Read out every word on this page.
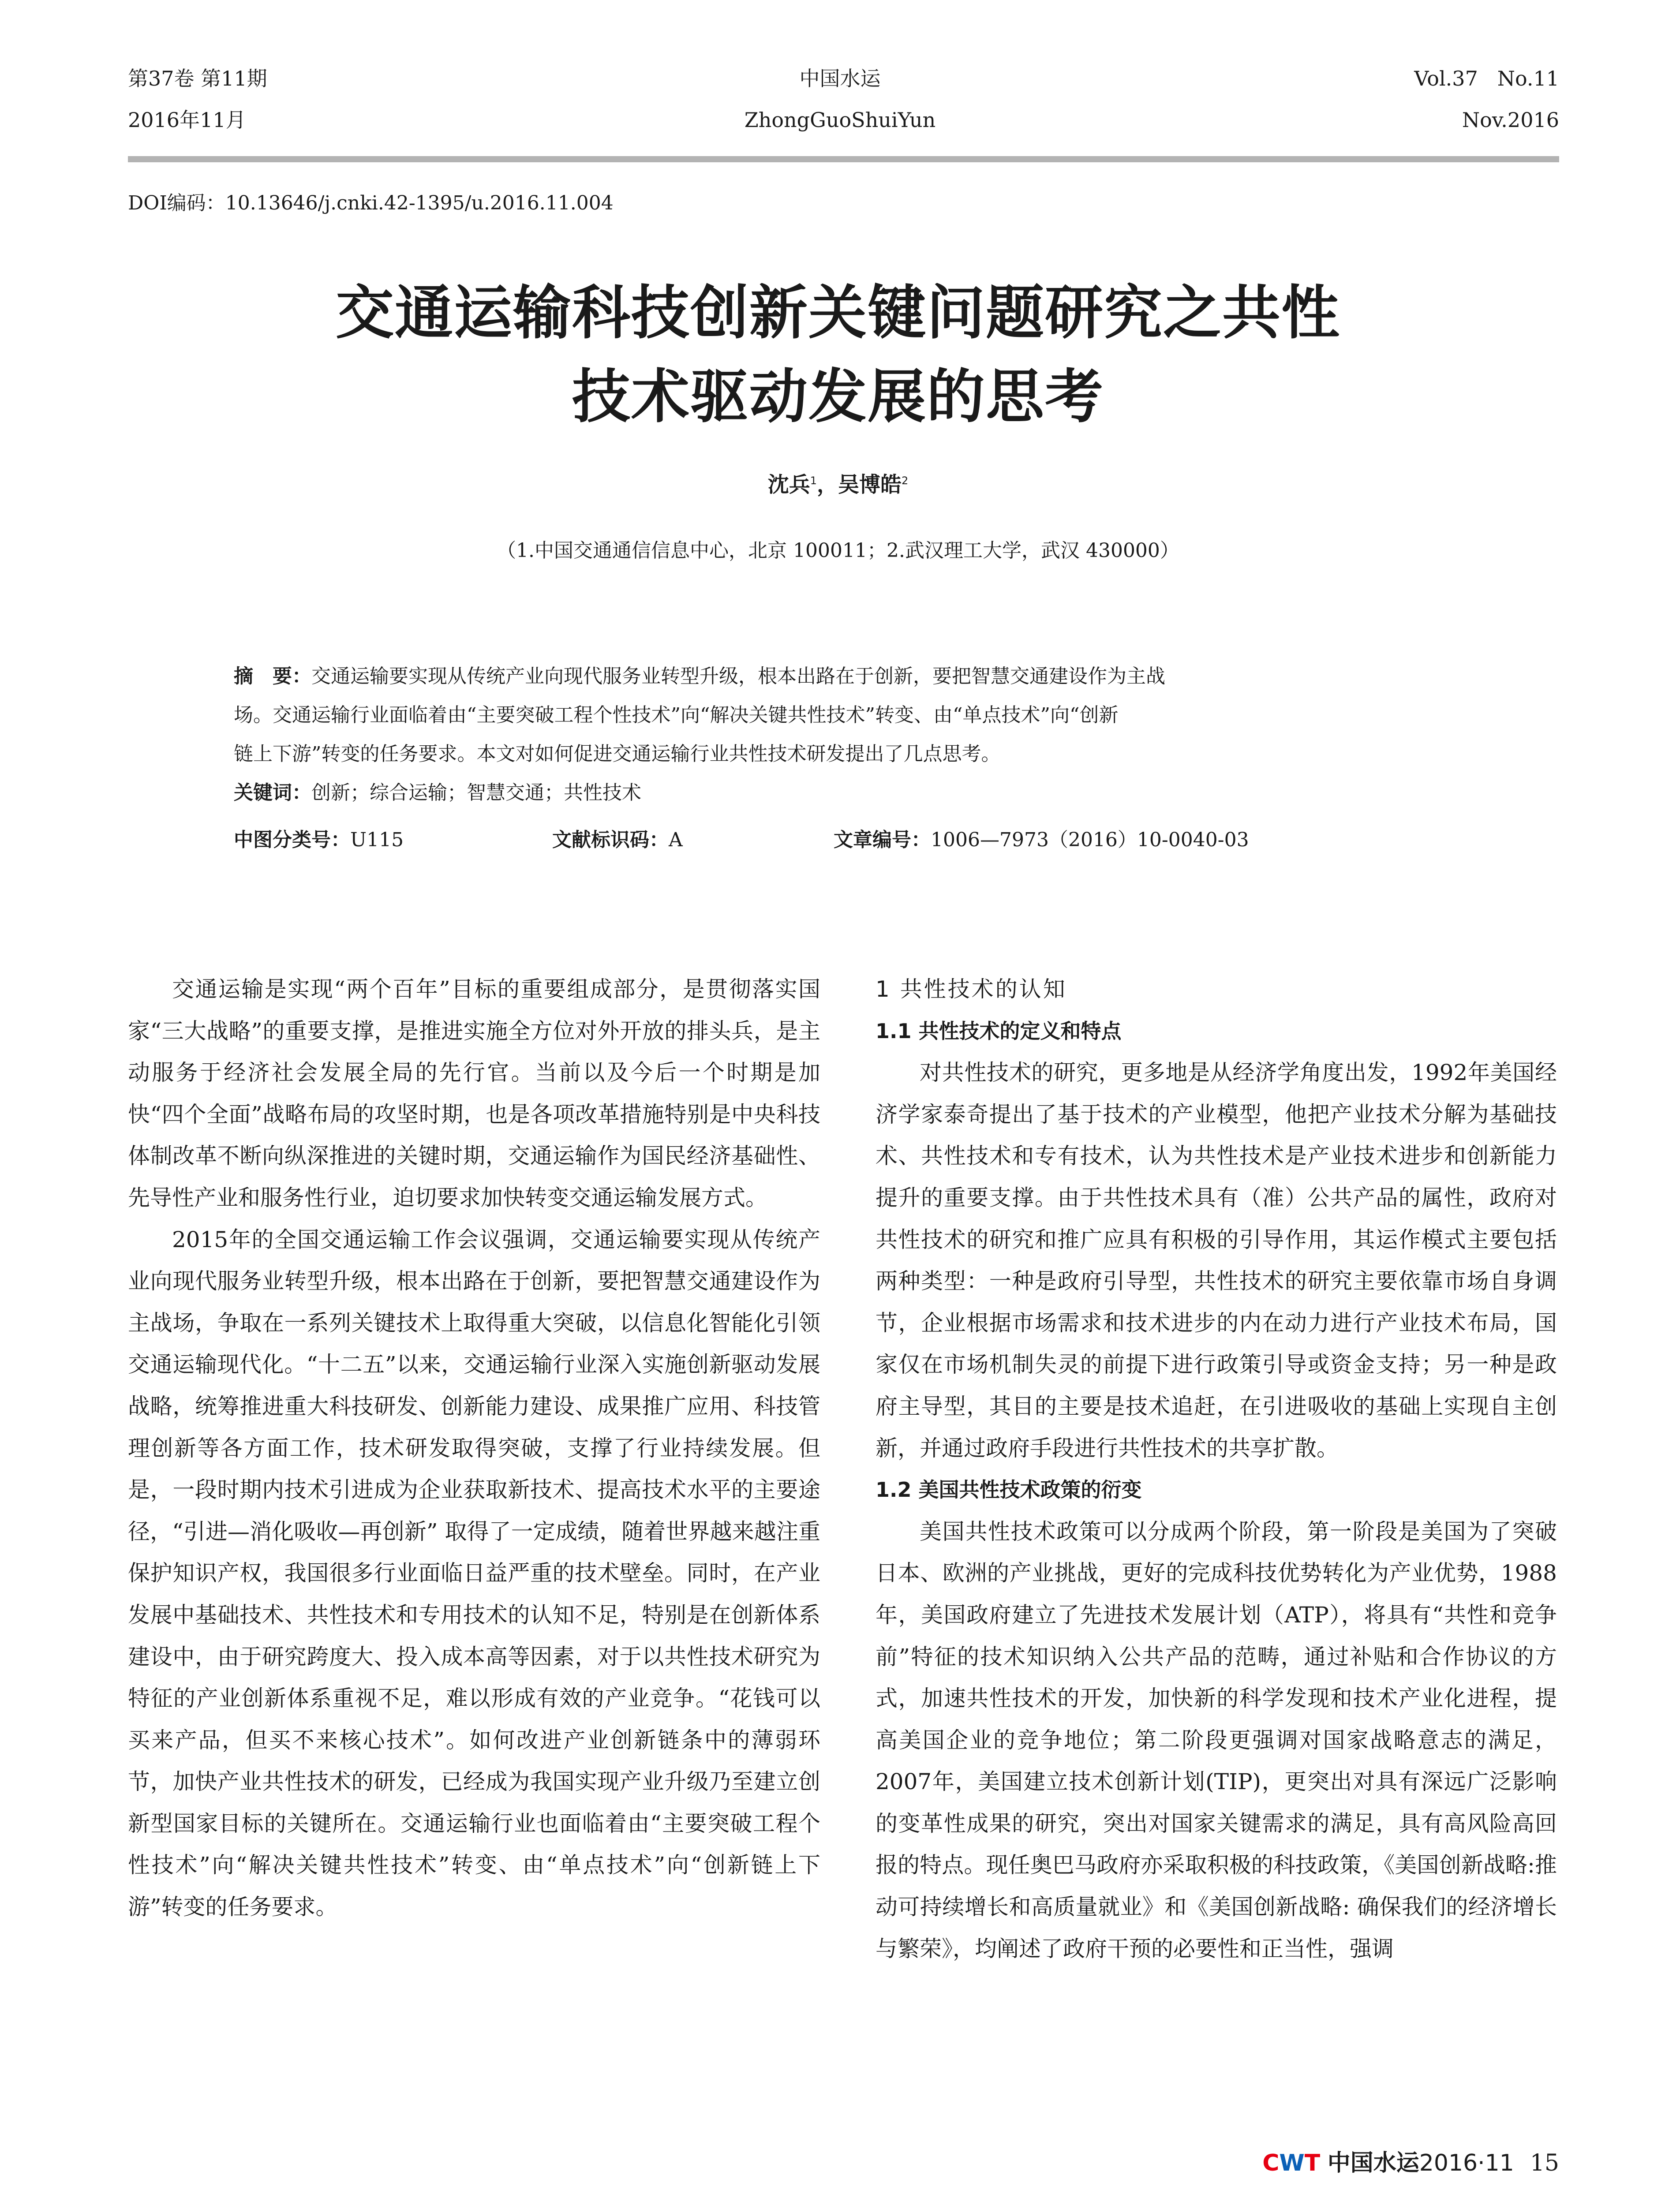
第37卷 第11期
2016年11月
中国水运
ZhongGuoShuiYun
Vol.37   No.11
Nov.2016
DOI编码：10.13646/j.cnki.42-1395/u.2016.11.004
交通运输科技创新关键问题研究之共性
技术驱动发展的思考
沈兵$^1$，吴博皓$^2$
（1.中国交通通信信息中心，北京 100011；2.武汉理工大学，武汉 430000）
摘　要：交通运输要实现从传统产业向现代服务业转型升级，根本出路在于创新，要把智慧交通建设作为主战
场。交通运输行业面临着由“主要突破工程个性技术”向“解决关键共性技术”转变、由“单点技术”向“创新
链上下游”转变的任务要求。本文对如何促进交通运输行业共性技术研发提出了几点思考。
关键词：创新；综合运输；智慧交通；共性技术
中图分类号：U115	文献标识码：A	文章编号：1006—7973（2016）10-0040-03

交通运输是实现“两个百年”目标的重要组成部分，是贯彻落实国家“三大战略”的重要支撑，是推进实施全方位对外开放的排头兵，是主动服务于经济社会发展全局的先行官。当前以及今后一个时期是加快“四个全面”战略布局的攻坚时期，也是各项改革措施特别是中央科技体制改革不断向纵深推进的关键时期，交通运输作为国民经济基础性、先导性产业和服务性行业，迫切要求加快转变交通运输发展方式。

2015年的全国交通运输工作会议强调，交通运输要实现从传统产业向现代服务业转型升级，根本出路在于创新，要把智慧交通建设作为主战场，争取在一系列关键技术上取得重大突破，以信息化智能化引领交通运输现代化。“十二五”以来，交通运输行业深入实施创新驱动发展战略，统筹推进重大科技研发、创新能力建设、成果推广应用、科技管理创新等各方面工作，技术研发取得突破，支撑了行业持续发展。但是，一段时期内技术引进成为企业获取新技术、提高技术水平的主要途径，“引进—消化吸收—再创新” 取得了一定成绩，随着世界越来越注重保护知识产权，我国很多行业面临日益严重的技术壁垒。同时，在产业发展中基础技术、共性技术和专用技术的认知不足，特别是在创新体系建设中，由于研究跨度大、投入成本高等因素，对于以共性技术研究为特征的产业创新体系重视不足，难以形成有效的产业竞争。“花钱可以买来产品，但买不来核心技术”。如何改进产业创新链条中的薄弱环节，加快产业共性技术的研发，已经成为我国实现产业升级乃至建立创新型国家目标的关键所在。交通运输行业也面临着由“主要突破工程个性技术”向“解决关键共性技术”转变、由“单点技术”向“创新链上下游”转变的任务要求。

1 共性技术的认知
1.1 共性技术的定义和特点

对共性技术的研究，更多地是从经济学角度出发，1992年美国经济学家泰奇提出了基于技术的产业模型，他把产业技术分解为基础技术、共性技术和专有技术，认为共性技术是产业技术进步和创新能力提升的重要支撑。由于共性技术具有（准）公共产品的属性，政府对共性技术的研究和推广应具有积极的引导作用，其运作模式主要包括两种类型：一种是政府引导型，共性技术的研究主要依靠市场自身调节，企业根据市场需求和技术进步的内在动力进行产业技术布局，国家仅在市场机制失灵的前提下进行政策引导或资金支持；另一种是政府主导型，其目的主要是技术追赶，在引进吸收的基础上实现自主创新，并通过政府手段进行共性技术的共享扩散。

1.2 美国共性技术政策的衍变

美国共性技术政策可以分成两个阶段，第一阶段是美国为了突破日本、欧洲的产业挑战，更好的完成科技优势转化为产业优势，1988年，美国政府建立了先进技术发展计划（ATP），将具有“共性和竞争前”特征的技术知识纳入公共产品的范畴，通过补贴和合作协议的方式，加速共性技术的开发，加快新的科学发现和技术产业化进程，提高美国企业的竞争地位；第二阶段更强调对国家战略意志的满足，2007年，美国建立技术创新计划(TIP)，更突出对具有深远广泛影响的变革性成果的研究，突出对国家关键需求的满足，具有高风险高回报的特点。现任奥巴马政府亦采取积极的科技政策，《美国创新战略:推动可持续增长和高质量就业》和《美国创新战略: 确保我们的经济增长与繁荣》，均阐述了政府干预的必要性和正当性，强调

CWT 中国水运2016·11 15
